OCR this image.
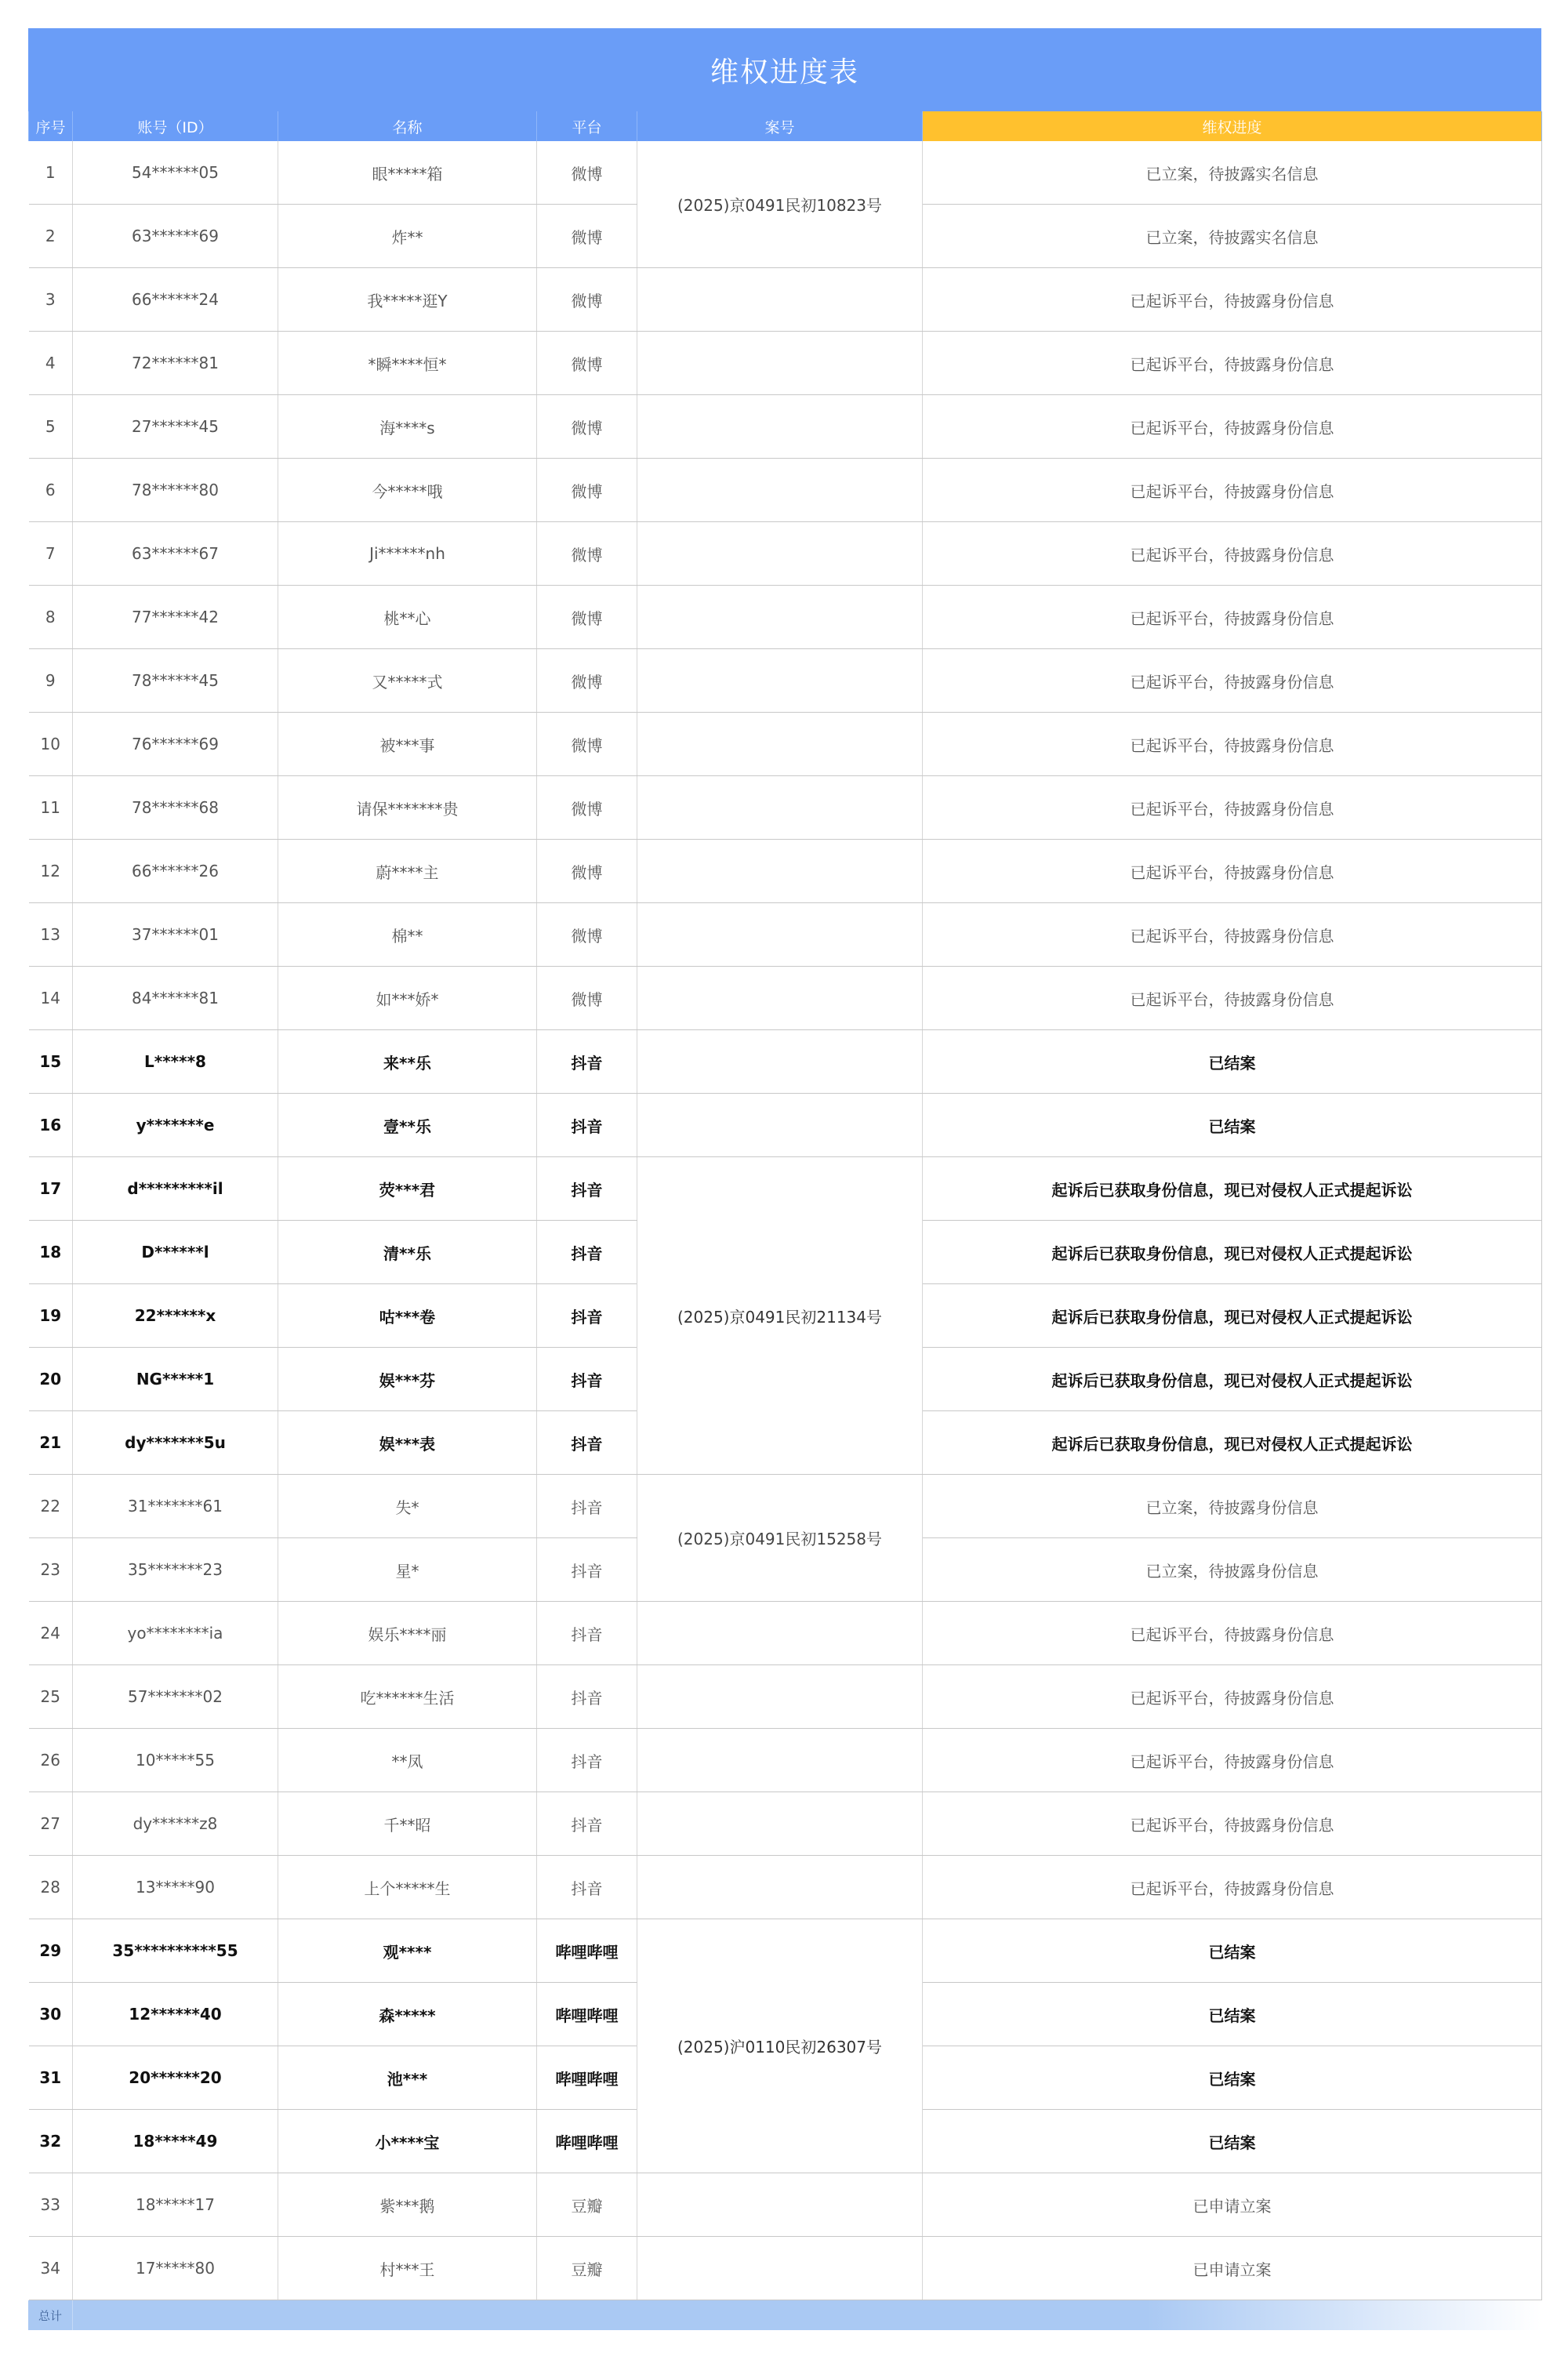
维权进度表
序号	账号（ID）	名称	平台	案号	维权进度
1	54******05	眼*****箱	微博	(2025)京0491民初10823号	已立案，待披露实名信息
2	63******69	炸**	微博		已立案，待披露实名信息
3	66******24	我*****逛Y	微博		已起诉平台，待披露身份信息
4	72******81	*瞬****恒*	微博		已起诉平台，待披露身份信息
5	27******45	海****s	微博		已起诉平台，待披露身份信息
6	78******80	今*****哦	微博		已起诉平台，待披露身份信息
7	63******67	Ji******nh	微博		已起诉平台，待披露身份信息
8	77******42	桃**心	微博		已起诉平台，待披露身份信息
9	78******45	又*****式	微博		已起诉平台，待披露身份信息
10	76******69	被***事	微博		已起诉平台，待披露身份信息
11	78******68	请保*******贵	微博		已起诉平台，待披露身份信息
12	66******26	蔚****主	微博		已起诉平台，待披露身份信息
13	37******01	棉**	微博		已起诉平台，待披露身份信息
14	84******81	如***娇*	微博		已起诉平台，待披露身份信息
15	L*****8	来**乐	抖音		已结案
16	y*******e	壹**乐	抖音		已结案
17	d*********il	荧***君	抖音	(2025)京0491民初21134号	起诉后已获取身份信息，现已对侵权人正式提起诉讼
18	D******l	清**乐	抖音		起诉后已获取身份信息，现已对侵权人正式提起诉讼
19	22******x	咕***卷	抖音		起诉后已获取身份信息，现已对侵权人正式提起诉讼
20	NG*****1	娱***芬	抖音		起诉后已获取身份信息，现已对侵权人正式提起诉讼
21	dy*******5u	娱***表	抖音		起诉后已获取身份信息，现已对侵权人正式提起诉讼
22	31*******61	失*	抖音	(2025)京0491民初15258号	已立案，待披露身份信息
23	35*******23	星*	抖音		已立案，待披露身份信息
24	yo********ia	娱乐****丽	抖音		已起诉平台，待披露身份信息
25	57*******02	吃******生活	抖音		已起诉平台，待披露身份信息
26	10*****55	**凤	抖音		已起诉平台，待披露身份信息
27	dy******z8	千**昭	抖音		已起诉平台，待披露身份信息
28	13*****90	上个*****生	抖音		已起诉平台，待披露身份信息
29	35**********55	观****	哔哩哔哩	(2025)沪0110民初26307号	已结案
30	12******40	森*****	哔哩哔哩		已结案
31	20******20	池***	哔哩哔哩		已结案
32	18*****49	小****宝	哔哩哔哩		已结案
33	18*****17	紫***鹅	豆瓣		已申请立案
34	17*****80	村***王	豆瓣		已申请立案
总计
